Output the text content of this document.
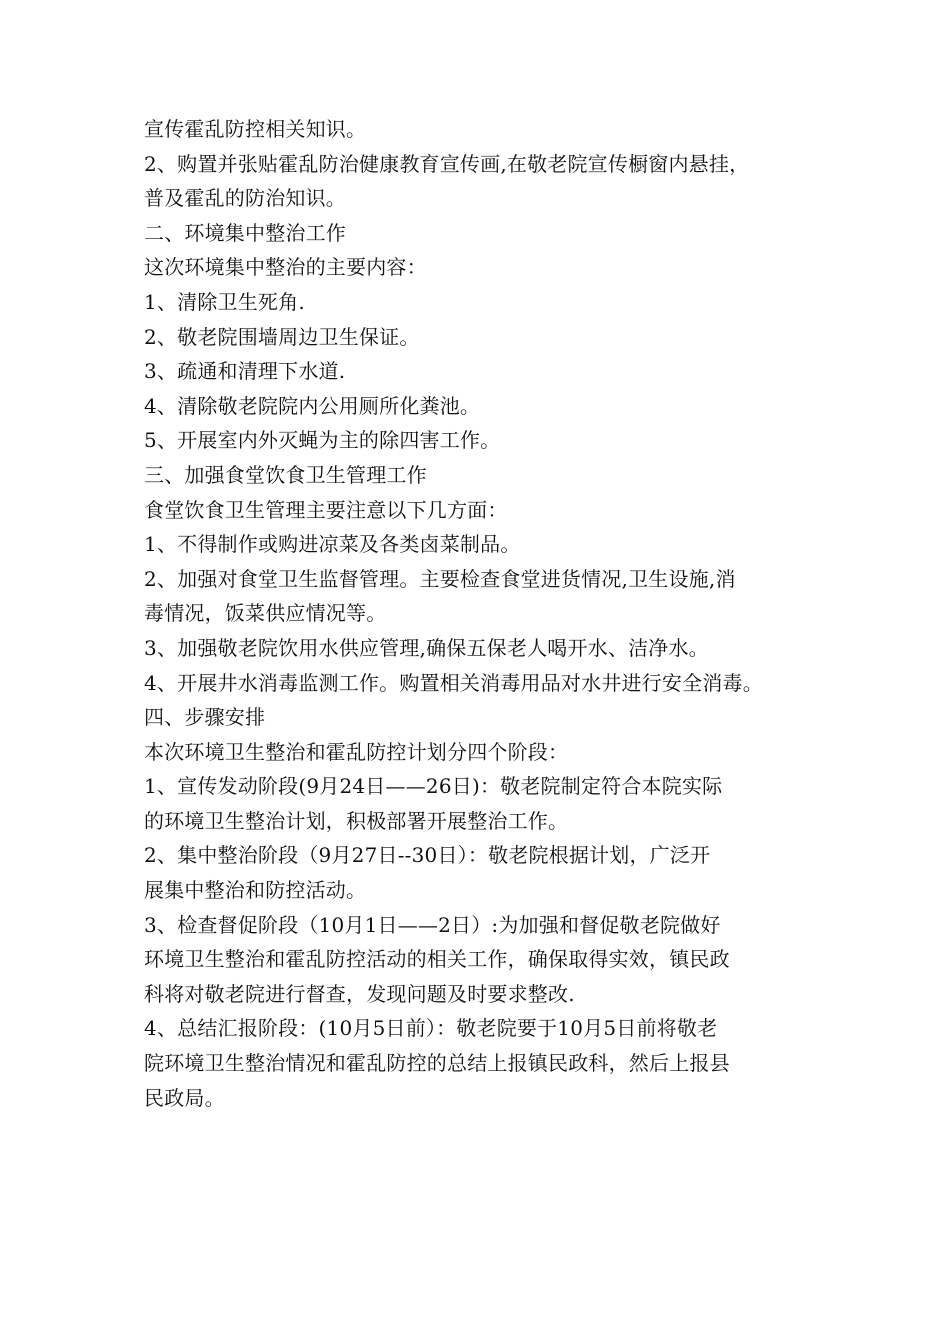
宣传霍乱防控相关知识。
2、购置并张贴霍乱防治健康教育宣传画,在敬老院宣传橱窗内悬挂，
普及霍乱的防治知识。
二、环境集中整治工作
这次环境集中整治的主要内容：
1、清除卫生死角.
2、敬老院围墙周边卫生保证。
3、疏通和清理下水道.
4、清除敬老院院内公用厕所化粪池。
5、开展室内外灭蝇为主的除四害工作。
三、加强食堂饮食卫生管理工作
食堂饮食卫生管理主要注意以下几方面：
1、不得制作或购进凉菜及各类卤菜制品。
2、加强对食堂卫生监督管理。主要检查食堂进货情况,卫生设施,消
毒情况，饭菜供应情况等。
3、加强敬老院饮用水供应管理,确保五保老人喝开水、洁净水。
4、开展井水消毒监测工作。购置相关消毒用品对水井进行安全消毒。
四、步骤安排
本次环境卫生整治和霍乱防控计划分四个阶段：
1、宣传发动阶段(9月24日——26日)：敬老院制定符合本院实际
的环境卫生整治计划，积极部署开展整治工作。
2、集中整治阶段（9月27日--30日）：敬老院根据计划，广泛开
展集中整治和防控活动。
3、检查督促阶段（10月1日——2日）:为加强和督促敬老院做好
环境卫生整治和霍乱防控活动的相关工作，确保取得实效，镇民政
科将对敬老院进行督查，发现问题及时要求整改.
4、总结汇报阶段：(10月5日前）：敬老院要于10月5日前将敬老
院环境卫生整治情况和霍乱防控的总结上报镇民政科，然后上报县
民政局。
